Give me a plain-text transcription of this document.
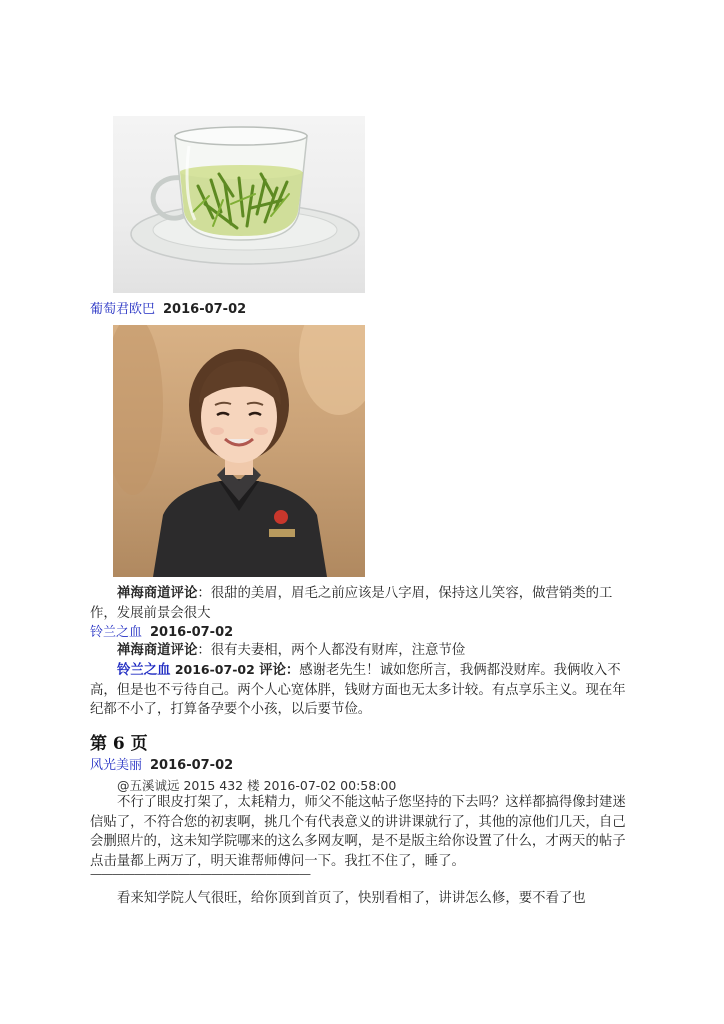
葡萄君欧巴 2016-07-02

禅海商道评论：很甜的美眉，眉毛之前应该是八字眉，保持这儿笑容，做营销类的工作，发展前景会很大

铃兰之血 2016-07-02

禅海商道评论：很有夫妻相，两个人都没有财库，注意节俭

铃兰之血 2016-07-02 评论：感谢老先生！诚如您所言，我俩都没财库。我俩收入不高，但是也不亏待自己。两个人心宽体胖，钱财方面也无太多计较。有点享乐主义。现在年纪都不小了，打算备孕要个小孩，以后要节俭。

第 6 页
风光美丽 2016-07-02
@五溪诚远 2015 432 楼 2016-07-02 00:58:00

不行了眼皮打架了，太耗精力，师父不能这帖子您坚持的下去吗？这样都搞得像封建迷信贴了，不符合您的初衷啊，挑几个有代表意义的讲讲课就行了，其他的凉他们几天，自己会删照片的，这未知学院哪来的这么多网友啊，是不是版主给你设置了什么，才两天的帖子点击量都上两万了，明天谁帮师傅问一下。我扛不住了，睡了。

————————————————————

看来知学院人气很旺，给你顶到首页了，快别看相了，讲讲怎么修，要不看了也
